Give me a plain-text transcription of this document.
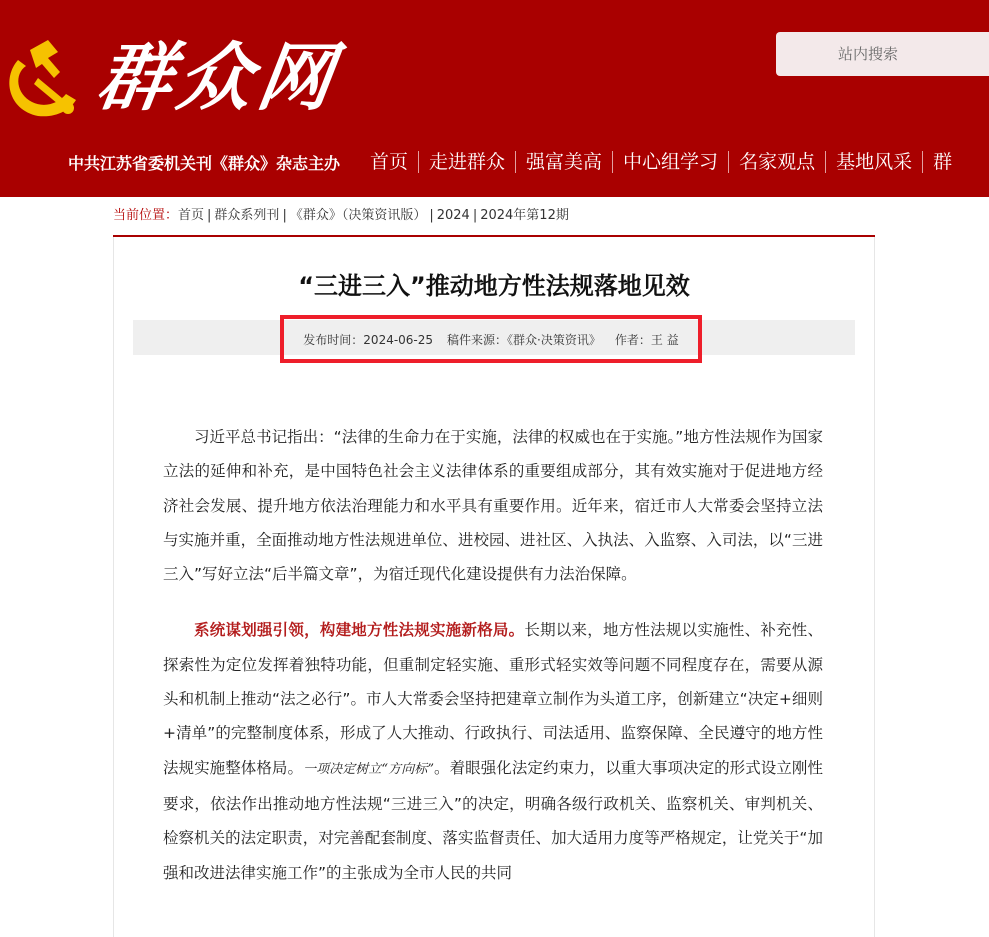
群众网
站内搜索
中共江苏省委机关刊《群众》杂志主办	首页	走进群众	强富美高	中心组学习	名家观点	基地风采	群
当前位置：首页 | 群众系列刊 | 《群众》（决策资讯版） | 2024 | 2024年第12期
“三进三入”推动地方性法规落地见效
发布时间：2024-06-25	稿件来源：《群众·决策资讯》	作者：王 益

习近平总书记指出：“法律的生命力在于实施，法律的权威也在于实施。”地方性法规作为国家立法的延伸和补充，是中国特色社会主义法律体系的重要组成部分，其有效实施对于促进地方经济社会发展、提升地方依法治理能力和水平具有重要作用。近年来，宿迁市人大常委会坚持立法与实施并重，全面推动地方性法规进单位、进校园、进社区、入执法、入监察、入司法，以“三进三入”写好立法“后半篇文章”，为宿迁现代化建设提供有力法治保障。

系统谋划强引领，构建地方性法规实施新格局。长期以来，地方性法规以实施性、补充性、探索性为定位发挥着独特功能，但重制定轻实施、重形式轻实效等问题不同程度存在，需要从源头和机制上推动“法之必行”。市人大常委会坚持把建章立制作为头道工序，创新建立“决定+细则+清单”的完整制度体系，形成了人大推动、行政执行、司法适用、监察保障、全民遵守的地方性法规实施整体格局。一项决定树立“方向标”。着眼强化法定约束力，以重大事项决定的形式设立刚性要求，依法作出推动地方性法规“三进三入”的决定，明确各级行政机关、监察机关、审判机关、检察机关的法定职责，对完善配套制度、落实监督责任、加大适用力度等严格规定，让党关于“加强和改进法律实施工作”的主张成为全市人民的共同
